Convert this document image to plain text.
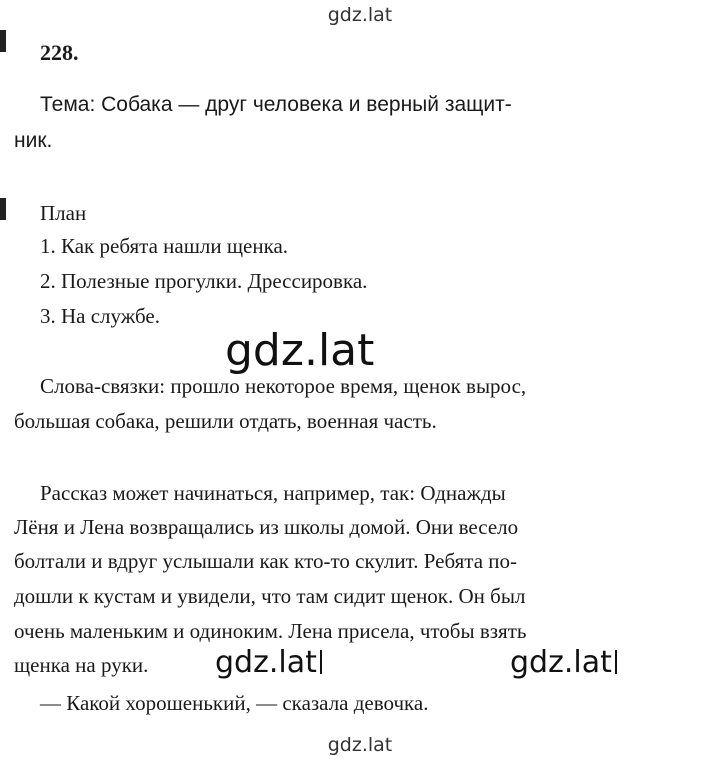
gdz.lat
228.
Тема: Собака — друг человека и верный защит-
ник.
План
1. Как ребята нашли щенка.
2. Полезные прогулки. Дрессировка.
3. На службе.
gdz.lat
Слова-связки: прошло некоторое время, щенок вырос,
большая собака, решили отдать, военная часть.
Рассказ может начинаться, например, так: Однажды
Лёня и Лена возвращались из школы домой. Они весело
болтали и вдруг услышали как кто-то скулит. Ребята по-
дошли к кустам и увидели, что там сидит щенок. Он был
очень маленьким и одиноким. Лена присела, чтобы взять
щенка на руки. gdz.lat	gdz.lat
— Какой хорошенький, — сказала девочка.
gdz.lat
